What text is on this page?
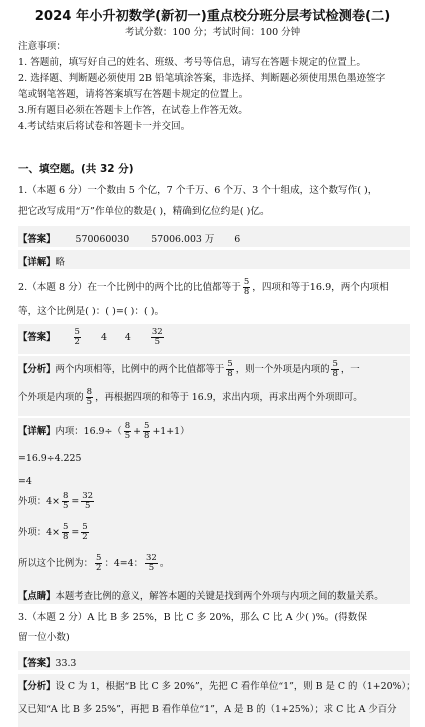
2024 年小升初数学(新初一)重点校分班分层考试检测卷(二)
考试分数：100 分；考试时间：100 分钟
注意事项：
1. 答题前，填写好自己的姓名、班级、考号等信息，请写在答题卡规定的位置上。
2. 选择题、判断题必须使用 2B 铅笔填涂答案，非选择、判断题必须使用黑色墨迹签字
笔或钢笔答题，请将答案填写在答题卡规定的位置上。
3.所有题目必须在答题卡上作答，在试卷上作答无效。
4.考试结束后将试卷和答题卡一并交回。
一、填空题。(共 32 分)
1.（本题 6 分）一个数由 5 个亿，7 个千万、6 个万、3 个十组成，这个数写作( )，
把它改写成用“万”作单位的数是( )，精确到亿位约是( )亿。
【答案】 570060030 57006.003 万 6
【详解】略
2.（本题 8 分）在一个比例中的两个比的比值都等于 $\frac{5}{8}$ ，四项和等于16.9，两个内项相
等，这个比例是( )：( )=( )：( )。
【答案】 $\frac{5}{2} 4$ $4 \frac{32}{5}$
【分析】两个内项相等，比例中的两个比值都等于 $\frac{5}{8}$ ，则一个外项是内项的 $\frac{5}{8}$ ，一
个外项是内项的 $\frac{8}{5}$ ，再根据四项的和等于 16.9，求出内项，再求出两个外项即可。
【详解】内项：$16.9\div( \frac{8}{5} + \frac{5}{8} +1+1)$
=16.9÷4.225
=4
外项：$4\times \frac{8}{5} = \frac{32}{5}$
外项：$4\times \frac{5}{8} = \frac{5}{2}$
所以这个比例为： $\frac{5}{2}$ ：4=4： $\frac{32}{5}$ 。
【点睛】本题考查比例的意义，解答本题的关键是找到两个外项与内项之间的数量关系。
3.（本题 2 分）A 比 B 多 25%，B 比 C 多 20%，那么 C 比 A 少( )%。(得数保
留一位小数)
【答案】33.3
【分析】设 C 为 1，根据“B 比 C 多 20%”，先把 C 看作单位“1”，则 B 是 C 的（1+20%）；
又已知“A 比 B 多 25%”，再把 B 看作单位“1”，A 是 B 的（1+25%）；求 C 比 A 少百分
